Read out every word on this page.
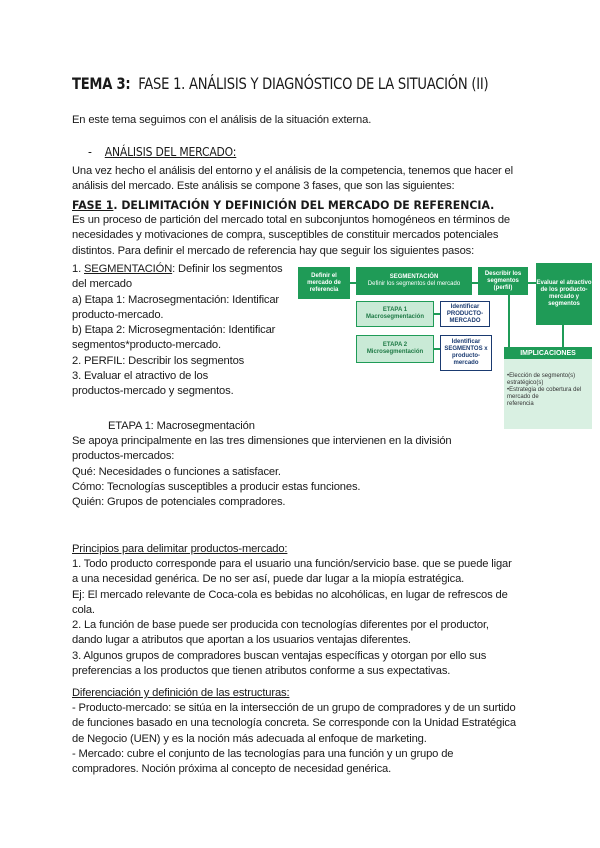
TEMA 3: FASE 1. ANÁLISIS Y DIAGNÓSTICO DE LA SITUACIÓN (II)
En este tema seguimos con el análisis de la situación externa.
- ANÁLISIS DEL MERCADO:
Una vez hecho el análisis del entorno y el análisis de la competencia, tenemos que hacer el
análisis del mercado. Este análisis se compone 3 fases, que son las siguientes:
FASE 1. DELIMITACIÓN Y DEFINICIÓN DEL MERCADO DE REFERENCIA.
Es un proceso de partición del mercado total en subconjuntos homogéneos en términos de
necesidades y motivaciones de compra, susceptibles de constituir mercados potenciales
distintos. Para definir el mercado de referencia hay que seguir los siguientes pasos:
1. SEGMENTACIÓN: Definir los segmentos
del mercado
a) Etapa 1: Macrosegmentación: Identificar
producto-mercado.
b) Etapa 2: Microsegmentación: Identificar
segmentos*producto-mercado.
2. PERFIL: Describir los segmentos
3. Evaluar el atractivo de los
productos-mercado y segmentos.
Definir el mercado de referencia
SEGMENTACIÓN
Definir los segmentos del mercado
Describir los segmentos (perfil)
Evaluar el atractivo de los producto-mercado y segmentos
ETAPA 1 Macrosegmentación
Identificar PRODUCTO-MERCADO
ETAPA 2 Microsegmentación
Identificar SEGMENTOS x producto-mercado
IMPLICACIONES
•Elección de segmento(s) estratégico(s)
•Estrategia de cobertura del mercado de
referencia
ETAPA 1: Macrosegmentación
Se apoya principalmente en las tres dimensiones que intervienen en la división
productos-mercados:
Qué: Necesidades o funciones a satisfacer.
Cómo: Tecnologías susceptibles a producir estas funciones.
Quién: Grupos de potenciales compradores.
Principios para delimitar productos-mercado:
1. Todo producto corresponde para el usuario una función/servicio base. que se puede ligar
a una necesidad genérica. De no ser así, puede dar lugar a la miopía estratégica.
Ej: El mercado relevante de Coca-cola es bebidas no alcohólicas, en lugar de refrescos de
cola.
2. La función de base puede ser producida con tecnologías diferentes por el productor,
dando lugar a atributos que aportan a los usuarios ventajas diferentes.
3. Algunos grupos de compradores buscan ventajas específicas y otorgan por ello sus
preferencias a los productos que tienen atributos conforme a sus expectativas.
Diferenciación y definición de las estructuras:
- Producto-mercado: se sitúa en la intersección de un grupo de compradores y de un surtido
de funciones basado en una tecnología concreta. Se corresponde con la Unidad Estratégica
de Negocio (UEN) y es la noción más adecuada al enfoque de marketing.
- Mercado: cubre el conjunto de las tecnologías para una función y un grupo de
compradores. Noción próxima al concepto de necesidad genérica.
